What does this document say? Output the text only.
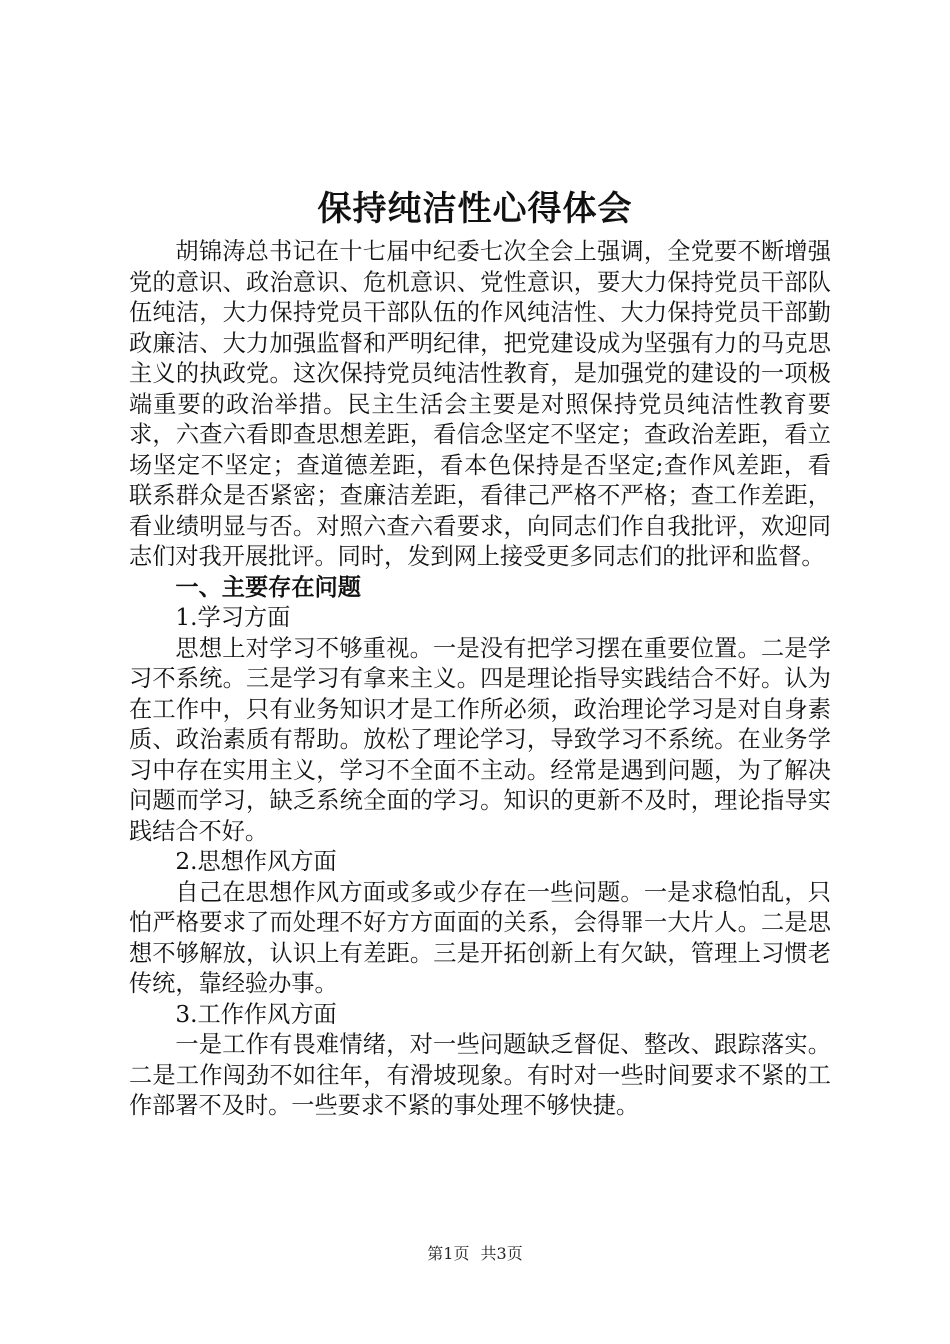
保持纯洁性心得体会

胡锦涛总书记在十七届中纪委七次全会上强调，全党要不断增强党的意识、政治意识、危机意识、党性意识，要大力保持党员干部队伍纯洁，大力保持党员干部队伍的作风纯洁性、大力保持党员干部勤政廉洁、大力加强监督和严明纪律，把党建设成为坚强有力的马克思主义的执政党。这次保持党员纯洁性教育，是加强党的建设的一项极端重要的政治举措。民主生活会主要是对照保持党员纯洁性教育要求，六查六看即查思想差距，看信念坚定不坚定；查政治差距，看立场坚定不坚定；查道德差距，看本色保持是否坚定;查作风差距，看联系群众是否紧密；查廉洁差距，看律己严格不严格；查工作差距，看业绩明显与否。对照六查六看要求，向同志们作自我批评，欢迎同志们对我开展批评。同时，发到网上接受更多同志们的批评和监督。

一、主要存在问题

1.学习方面

思想上对学习不够重视。一是没有把学习摆在重要位置。二是学习不系统。三是学习有拿来主义。四是理论指导实践结合不好。认为在工作中，只有业务知识才是工作所必须，政治理论学习是对自身素质、政治素质有帮助。放松了理论学习，导致学习不系统。在业务学习中存在实用主义，学习不全面不主动。经常是遇到问题，为了解决问题而学习，缺乏系统全面的学习。知识的更新不及时，理论指导实践结合不好。

2.思想作风方面

自己在思想作风方面或多或少存在一些问题。一是求稳怕乱，只怕严格要求了而处理不好方方面面的关系，会得罪一大片人。二是思想不够解放，认识上有差距。三是开拓创新上有欠缺，管理上习惯老传统，靠经验办事。

3.工作作风方面

一是工作有畏难情绪，对一些问题缺乏督促、整改、跟踪落实。二是工作闯劲不如往年，有滑坡现象。有时对一些时间要求不紧的工作部署不及时。一些要求不紧的事处理不够快捷。

第1页 共3页
